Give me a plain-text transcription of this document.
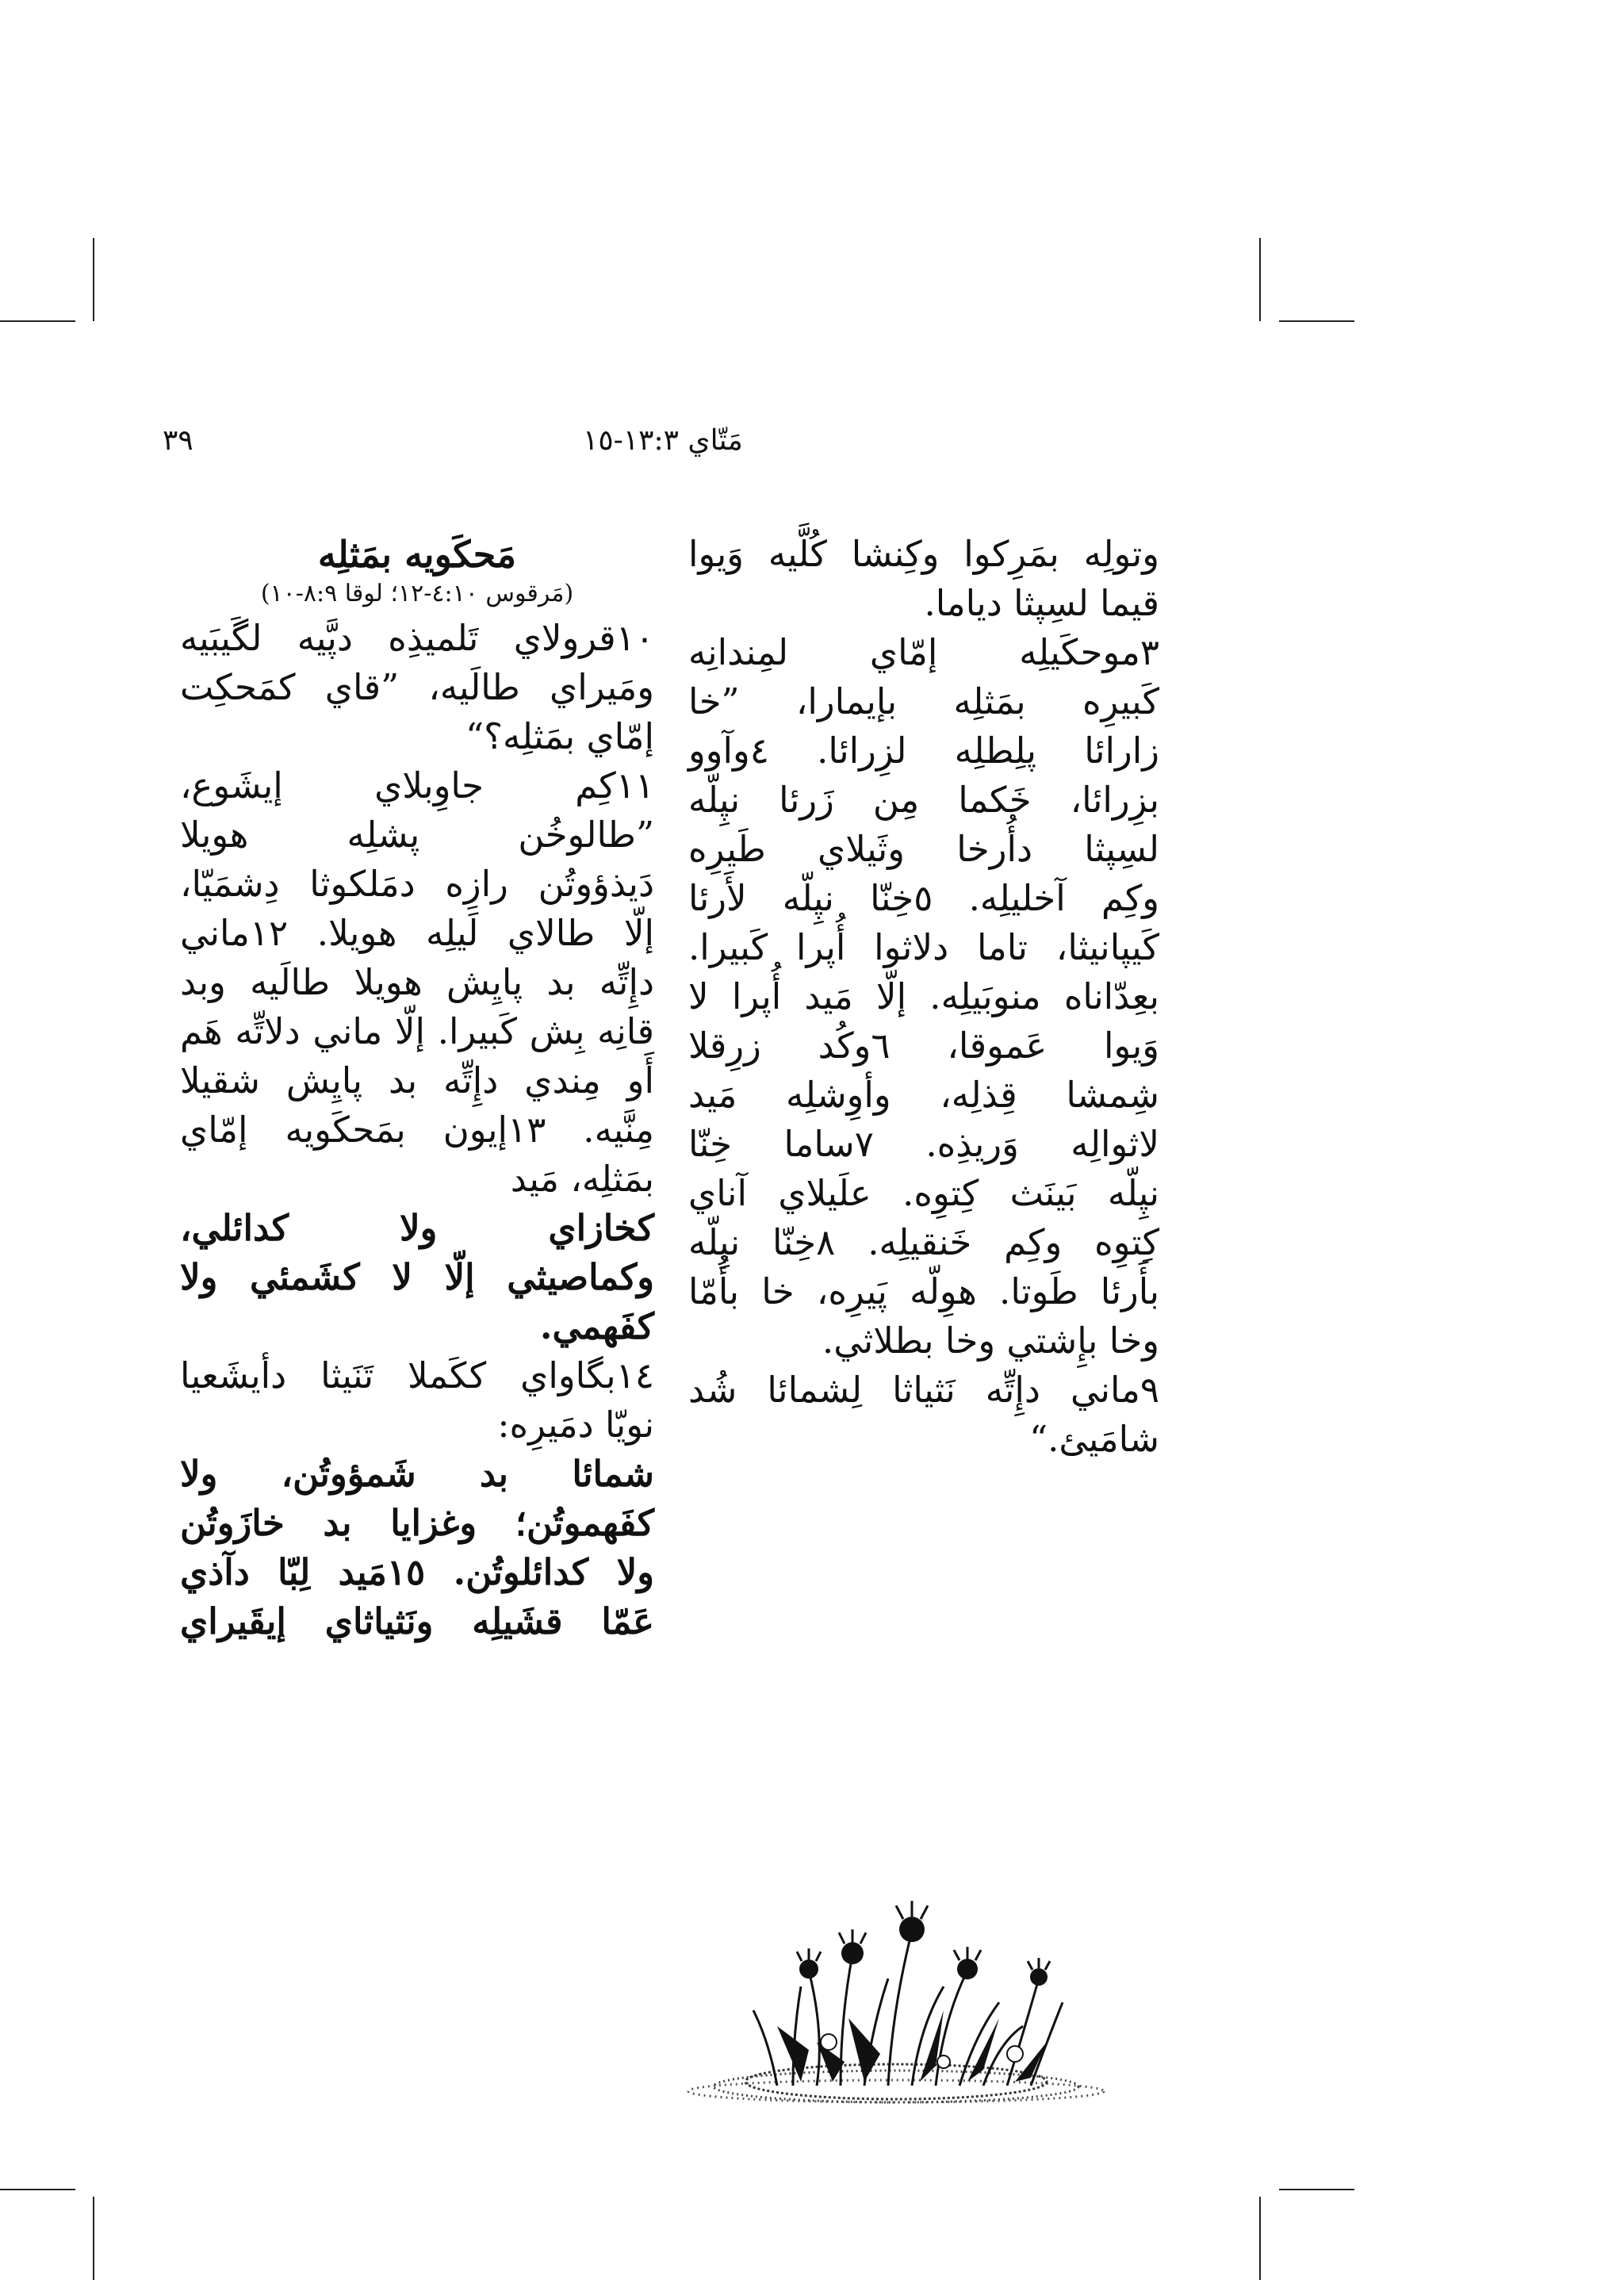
٣٩	مَتّاي ١٣:٣-١٥
وتولِه بمَرِكوا وكِنشا كُلَّيه وَيوا
قيما لسِپثا دياما.
٣موحكَيلِه إمّاي لمِندانِه
كَبيرِه بمَثلِه بإيمارا، ”خا
زارائا پلِطلِه لزِرائا. ٤وآوو
بزِرائا، خَكما مِن زَرئا نپِلّه
لسِپثا دأُرخا وثَيلاي طَيرِه
وكِم آخليلِه. ٥خِنّا نپِلّه لأَرئا
كَيپانيثا، تاما دلاثوا أُپرا كَبيرا.
بعِدّاناه منوبَيلِه. إلّا مَيد أُپرا لا
وَيوا عَموقا، ٦وكُد زرِقلا
شِمشا قِذلِه، وأوِشلِه مَيد
لاثوالِه وَريذِه. ٧ساما خِنّا
نپِلّه بَينَث كِتوِه. علَيلاي آناي
كِتوِه وكِم خَنقيلِه. ٨خِنّا نپِلّه
بأَرئا طَوتا. هوِلّه پَيرِه، خا بأُمّا
وخا بإِشتي وخا بطلاثي.
٩ماني دإِتِّه نَثياثا لِشمائا شُد
شامَيئ.“
مَحكَويه بمَثلِه
(مَرقوس ٤:١٠-١٢؛ لوقا ٨:٩-١٠)
١٠قرولاي تَلميذِه دپَّيه لگَيبَيه
ومَيراي طالَيه، ”قاي كمَحكِت
إمّاي بمَثلِه؟“
١١كِم جاوِبلاي إيشَوع،
”طالوخُن پشلِه هويلا
دَيذؤوتُن رازِه دمَلكوثا دِشمَيّا،
إلّا طالاي لَيلِه هويلا. ١٢ماني
دإِتِّه بد پايِش هويلا طالَيه وبد
قانِه بِش كَبيرا. إلّا ماني دلاتِّه هَم
أَو مِندي دإِتِّه بد پايِش شقيلا
مِنَّيه. ١٣إيون بمَحكَويه إمّاي
بمَثلِه، مَيد
كخازاي ولا كدائلي،
وكماصيثي إلّا لا كشَمئي ولا
كفَهمي.
١٤بگاواي ككَملا تَنَيثا دأيشَعيا
نويّا دمَيرِه:
شمائا بد شَمؤوتُن، ولا
كفَهموتُن؛ وغزايا بد خازَوتُن
ولا كدائلوتُن. ١٥مَيد لِبّا دآذي
عَمّا قشَيلِه ونَثياثاي إيقَيراي
